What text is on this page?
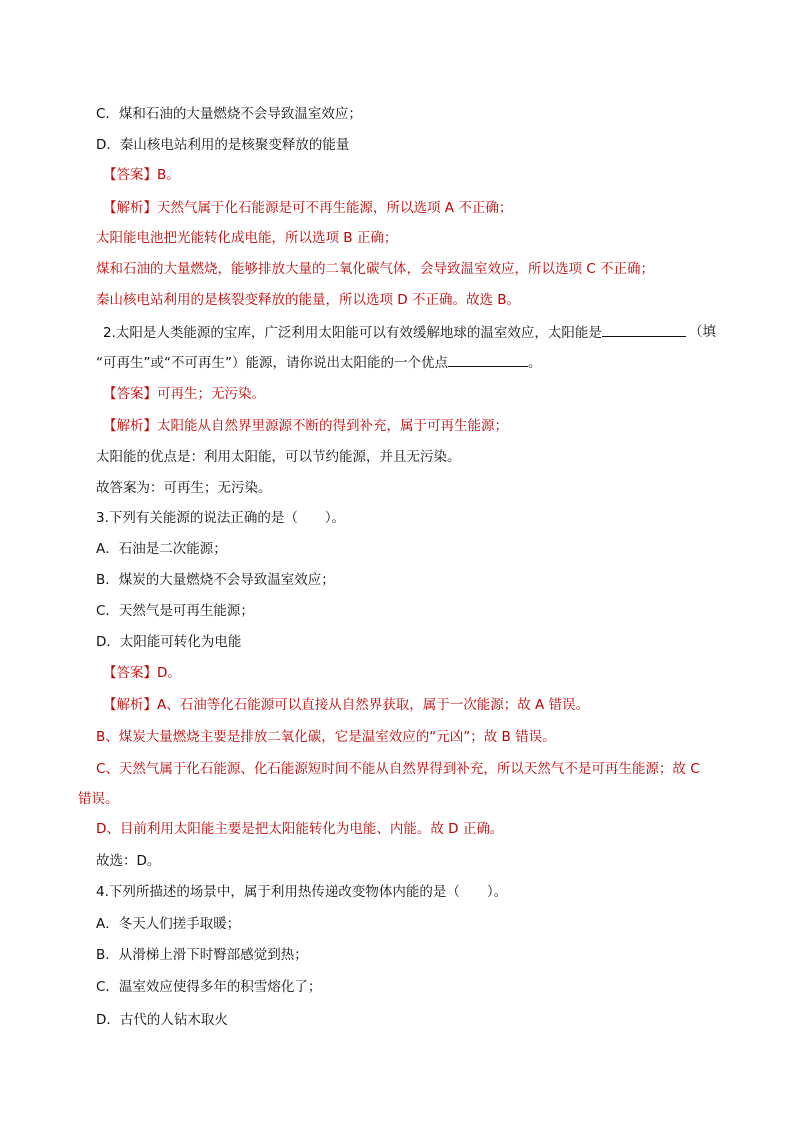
C．煤和石油的大量燃烧不会导致温室效应；
D．秦山核电站利用的是核聚变释放的能量
【答案】B。
【解析】天然气属于化石能源是可不再生能源，所以选项 A 不正确；
太阳能电池把光能转化成电能，所以选项 B 正确；
煤和石油的大量燃烧，能够排放大量的二氧化碳气体，会导致温室效应，所以选项 C 不正确；
秦山核电站利用的是核裂变释放的能量，所以选项 D 不正确。故选 B。
2.太阳是人类能源的宝库，广泛利用太阳能可以有效缓解地球的温室效应，太阳能是	（填
“可再生”或“不可再生”）能源，请你说出太阳能的一个优点	。
【答案】可再生；无污染。
【解析】太阳能从自然界里源源不断的得到补充，属于可再生能源；
太阳能的优点是：利用太阳能，可以节约能源，并且无污染。
故答案为：可再生；无污染。
3.下列有关能源的说法正确的是（　　）。
A．石油是二次能源；
B．煤炭的大量燃烧不会导致温室效应；
C．天然气是可再生能源；
D．太阳能可转化为电能
【答案】D。
【解析】A、石油等化石能源可以直接从自然界获取，属于一次能源；故 A 错误。
B、煤炭大量燃烧主要是排放二氧化碳，它是温室效应的“元凶”；故 B 错误。
C、天然气属于化石能源、化石能源短时间不能从自然界得到补充，所以天然气不是可再生能源；故 C
错误。
D、目前利用太阳能主要是把太阳能转化为电能、内能。故 D 正确。
故选：D。
4.下列所描述的场景中，属于利用热传递改变物体内能的是（　　）。
A．冬天人们搓手取暖；
B．从滑梯上滑下时臀部感觉到热；
C．温室效应使得多年的积雪熔化了；
D．古代的人钻木取火
